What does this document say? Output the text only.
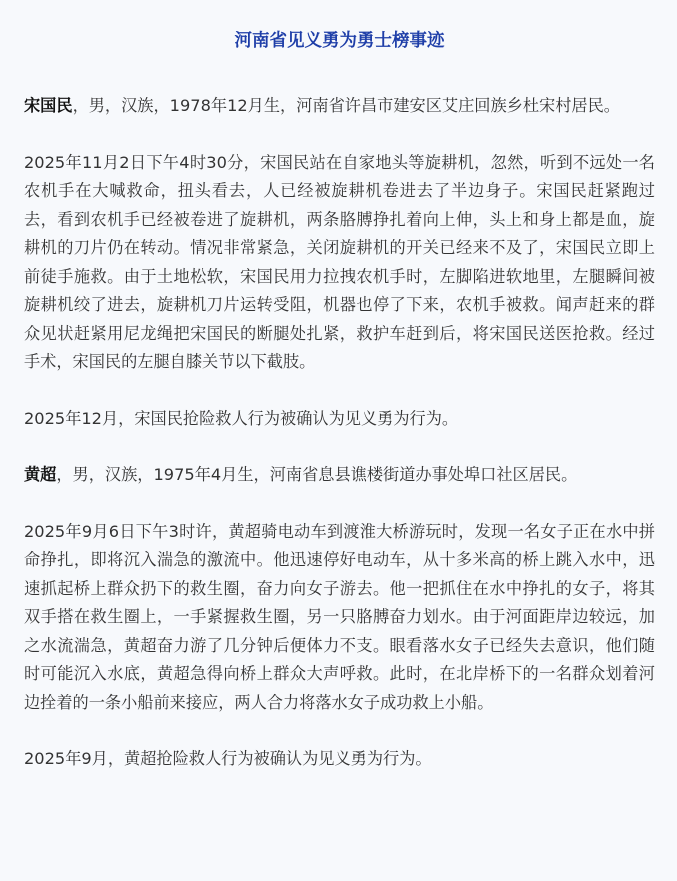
河南省见义勇为勇士榜事迹

宋国民，男，汉族，1978年12月生，河南省许昌市建安区艾庄回族乡杜宋村居民。

2025年11月2日下午4时30分，宋国民站在自家地头等旋耕机，忽然，听到不远处一名农机手在大喊救命，扭头看去，人已经被旋耕机卷进去了半边身子。宋国民赶紧跑过去，看到农机手已经被卷进了旋耕机，两条胳膊挣扎着向上伸，头上和身上都是血，旋耕机的刀片仍在转动。情况非常紧急，关闭旋耕机的开关已经来不及了，宋国民立即上前徒手施救。由于土地松软，宋国民用力拉拽农机手时，左脚陷进软地里，左腿瞬间被旋耕机绞了进去，旋耕机刀片运转受阻，机器也停了下来，农机手被救。闻声赶来的群众见状赶紧用尼龙绳把宋国民的断腿处扎紧，救护车赶到后，将宋国民送医抢救。经过手术，宋国民的左腿自膝关节以下截肢。

2025年12月，宋国民抢险救人行为被确认为见义勇为行为。

黄超，男，汉族，1975年4月生，河南省息县谯楼街道办事处埠口社区居民。

2025年9月6日下午3时许，黄超骑电动车到渡淮大桥游玩时，发现一名女子正在水中拼命挣扎，即将沉入湍急的激流中。他迅速停好电动车，从十多米高的桥上跳入水中，迅速抓起桥上群众扔下的救生圈，奋力向女子游去。他一把抓住在水中挣扎的女子，将其双手搭在救生圈上，一手紧握救生圈，另一只胳膊奋力划水。由于河面距岸边较远，加之水流湍急，黄超奋力游了几分钟后便体力不支。眼看落水女子已经失去意识，他们随时可能沉入水底，黄超急得向桥上群众大声呼救。此时，在北岸桥下的一名群众划着河边拴着的一条小船前来接应，两人合力将落水女子成功救上小船。

2025年9月，黄超抢险救人行为被确认为见义勇为行为。
